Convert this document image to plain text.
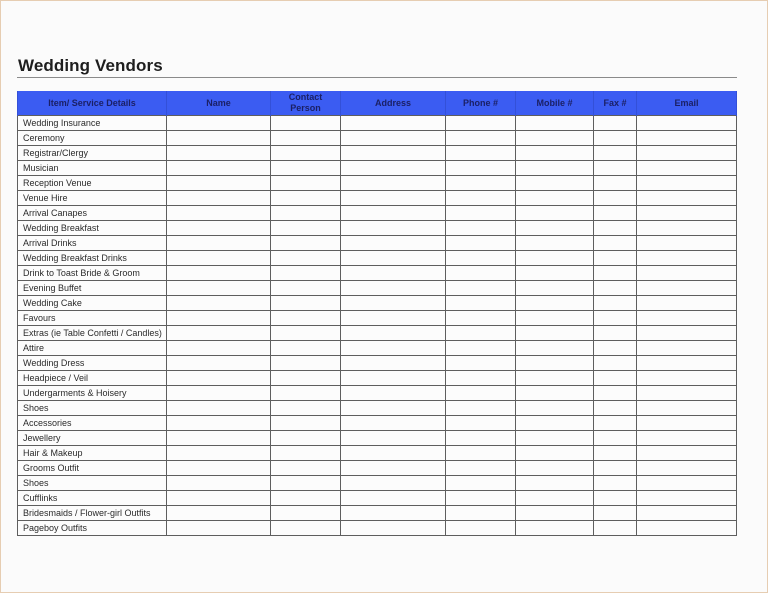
Wedding Vendors
Item/ Service Details	Name	Contact Person	Address	Phone #	Mobile #	Fax #	Email
Wedding Insurance							
Ceremony							
Registrar/Clergy							
Musician							
Reception Venue							
Venue Hire							
Arrival Canapes							
Wedding Breakfast							
Arrival Drinks							
Wedding Breakfast Drinks							
Drink to Toast Bride & Groom							
Evening Buffet							
Wedding Cake							
Favours							
Extras (ie Table Confetti / Candles)							
Attire							
Wedding Dress							
Headpiece / Veil							
Undergarments & Hoisery							
Shoes							
Accessories							
Jewellery							
Hair & Makeup							
Grooms Outfit							
Shoes							
Cufflinks							
Bridesmaids / Flower-girl Outfits							
Pageboy Outfits							
